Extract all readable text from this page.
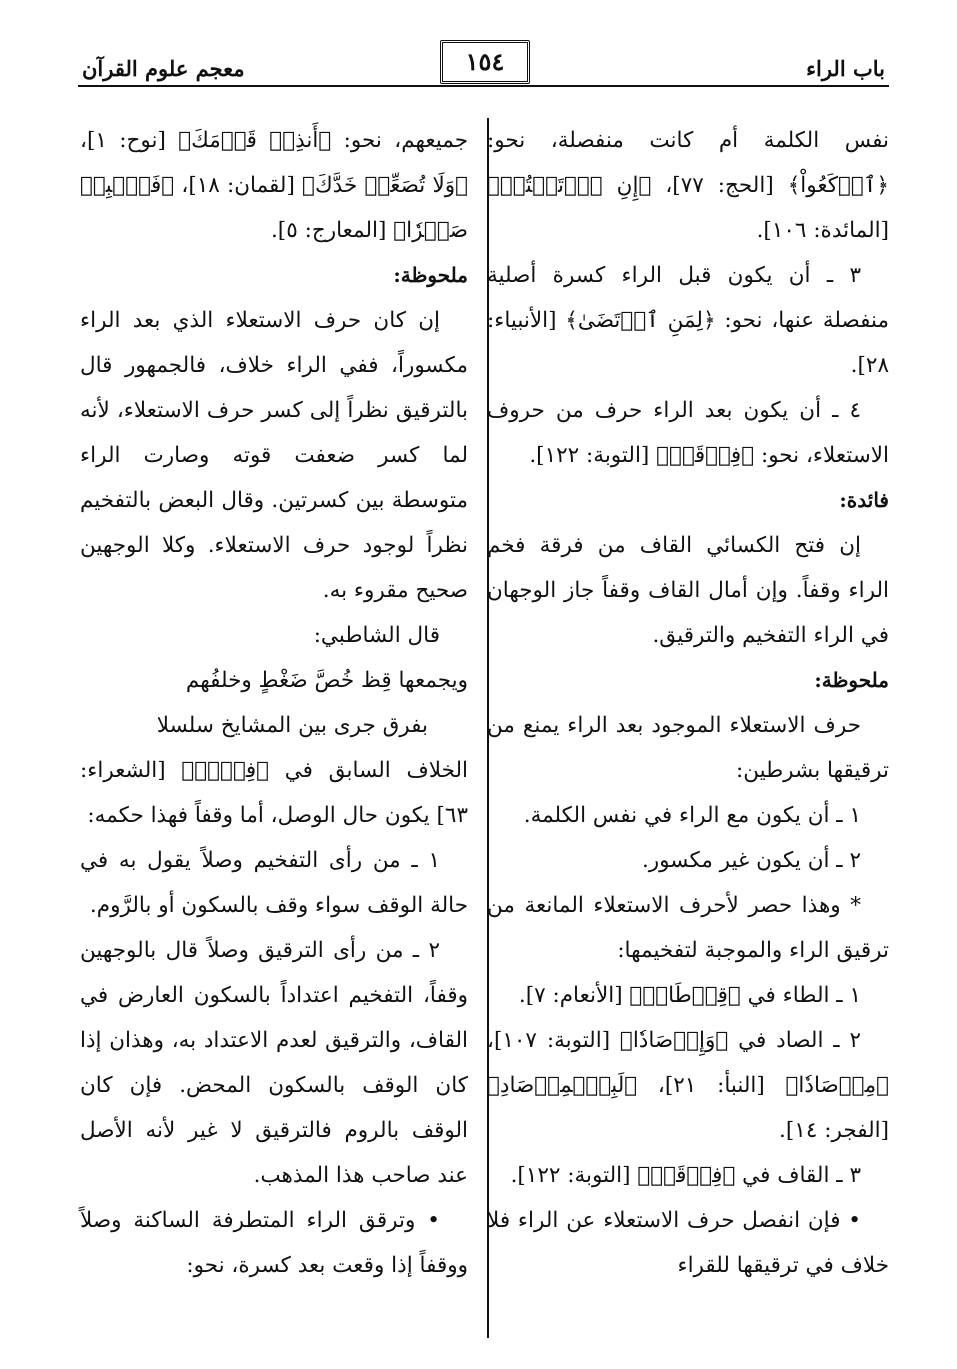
باب الراء
١٥٤
معجم علوم القرآن

نفس الكلمة أم كانت منفصلة، نحو: ﴿ٱرۡكَعُواْ﴾ [الحج: ٧٧]، ﴿إِنِ ٱرۡتَبۡتُمۡ﴾ [المائدة: ١٠٦].

٣ ـ أن يكون قبل الراء كسرة أصلية منفصلة عنها، نحو: ﴿لِمَنِ ٱرۡتَضَىٰ﴾ [الأنبياء: ٢٨].

٤ ـ أن يكون بعد الراء حرف من حروف الاستعلاء، نحو: ﴿فِرۡقَةٖ﴾ [التوبة: ١٢٢].

فائدة:

إن فتح الكسائي القاف من فرقة فخم الراء وقفاً. وإن أمال القاف وقفاً جاز الوجهان في الراء التفخيم والترقيق.

ملحوظة:

حرف الاستعلاء الموجود بعد الراء يمنع من ترقيقها بشرطين:

١ ـ أن يكون مع الراء في نفس الكلمة.

٢ ـ أن يكون غير مكسور.

* وهذا حصر لأحرف الاستعلاء المانعة من ترقيق الراء والموجبة لتفخيمها:

١ ـ الطاء في ﴿قِرۡطَاسٖ﴾ [الأنعام: ٧].

٢ ـ الصاد في ﴿وَإِرۡصَادٗا﴾ [التوبة: ١٠٧]، ﴿مِرۡصَادٗا﴾ [النبأ: ٢١]، ﴿لَبِٱلۡمِرۡصَادِ﴾ [الفجر: ١٤].

٣ ـ القاف في ﴿فِرۡقَةٖ﴾ [التوبة: ١٢٢].

• فإن انفصل حرف الاستعلاء عن الراء فلا خلاف في ترقيقها للقراء

جميعهم، نحو: ﴿أَنذِرۡ قَوۡمَكَ﴾ [نوح: ١]، ﴿وَلَا تُصَعِّرۡ خَدَّكَ﴾ [لقمان: ١٨]، ﴿فَٱصۡبِرۡ صَبۡرٗا﴾ [المعارج: ٥].

ملحوظة:

إن كان حرف الاستعلاء الذي بعد الراء مكسوراً، ففي الراء خلاف، فالجمهور قال بالترقيق نظراً إلى كسر حرف الاستعلاء، لأنه لما كسر ضعفت قوته وصارت الراء متوسطة بين كسرتين. وقال البعض بالتفخيم نظراً لوجود حرف الاستعلاء. وكلا الوجهين صحيح مقروء به.

قال الشاطبي:

ويجمعها قِظ خُصَّ ضَغْطٍ وخلفُهم

بفرق جرى بين المشايخ سلسلا

الخلاف السابق في ﴿فِرۡقٖ﴾ [الشعراء: ٦٣] يكون حال الوصل، أما وقفاً فهذا حكمه:

١ ـ من رأى التفخيم وصلاً يقول به في حالة الوقف سواء وقف بالسكون أو بالرَّوم.

٢ ـ من رأى الترقيق وصلاً قال بالوجهين وقفاً، التفخيم اعتداداً بالسكون العارض في القاف، والترقيق لعدم الاعتداد به، وهذان إذا كان الوقف بالسكون المحض. فإن كان الوقف بالروم فالترقيق لا غير لأنه الأصل عند صاحب هذا المذهب.

• وترقق الراء المتطرفة الساكنة وصلاً ووقفاً إذا وقعت بعد كسرة، نحو:
